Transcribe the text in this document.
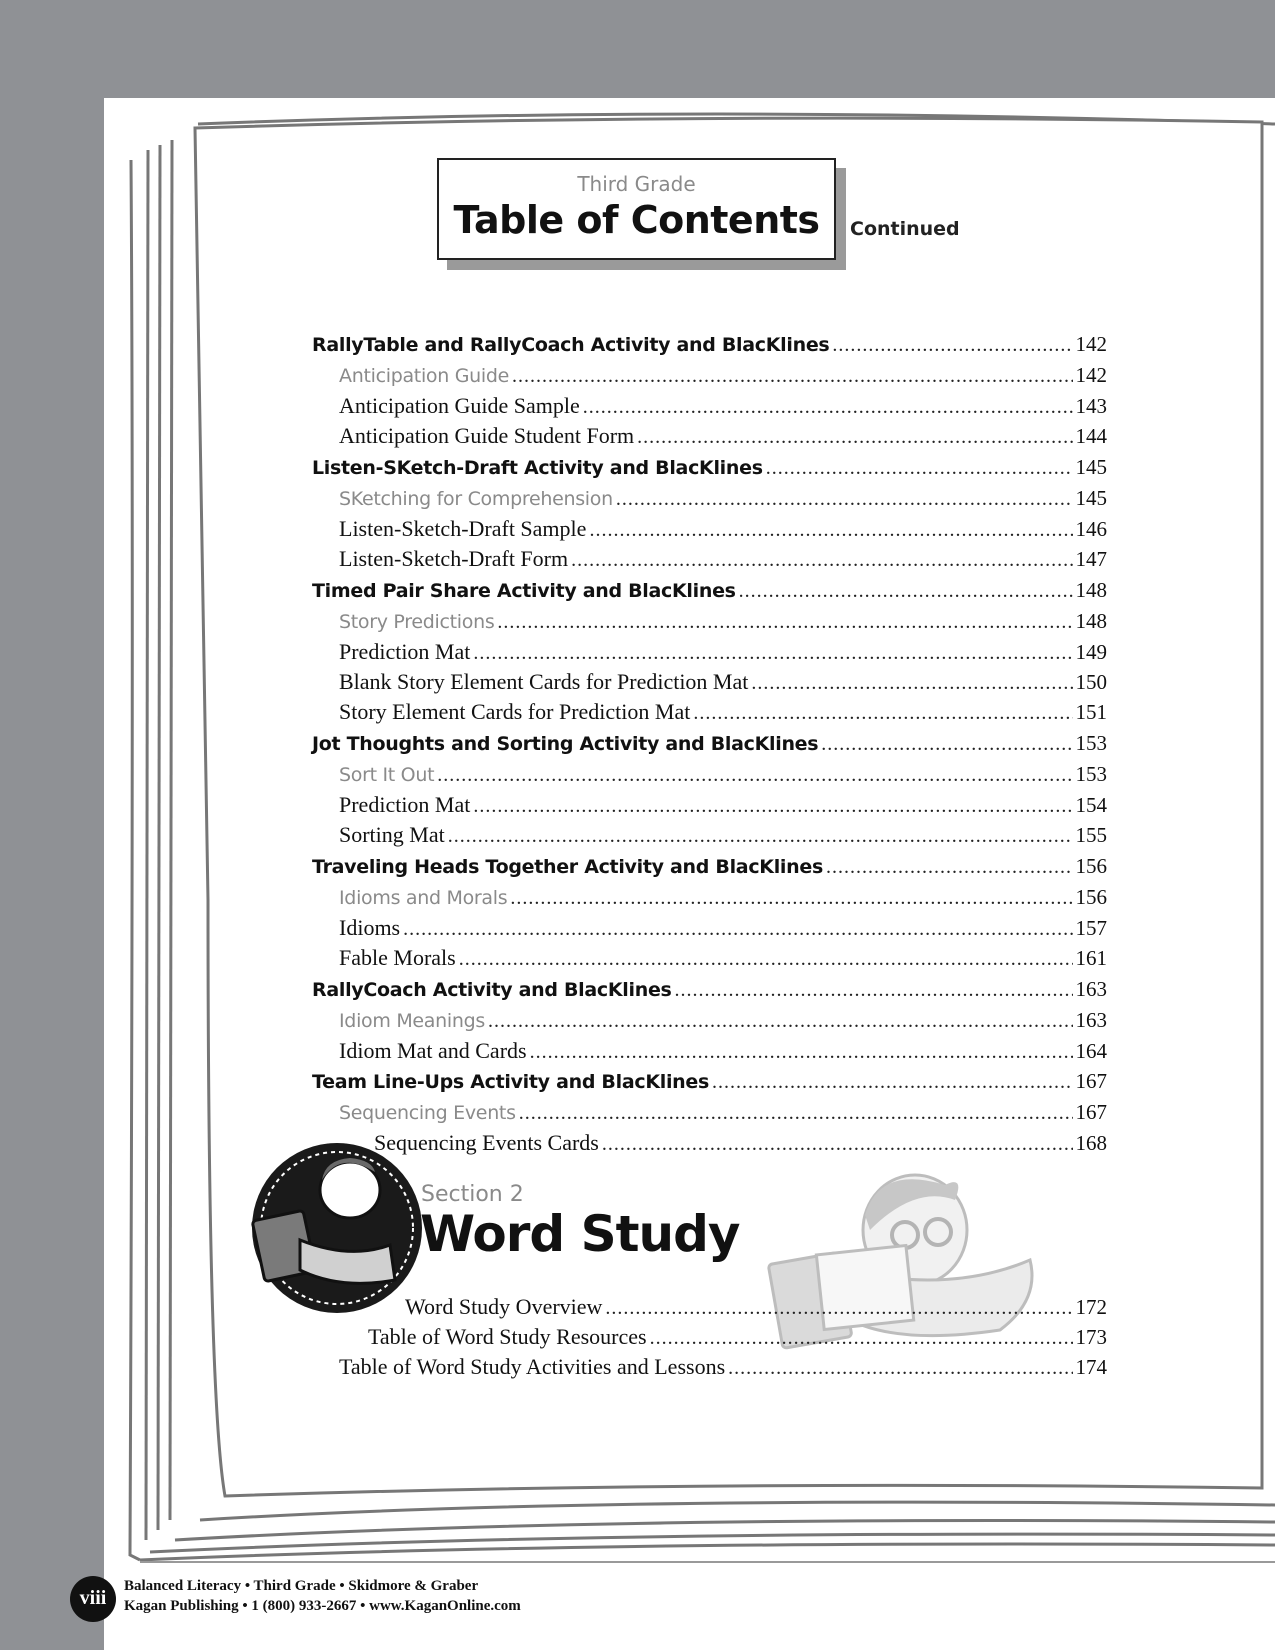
Third Grade
Table of Contents	Continued
RallyTable and RallyCoach Activity and BlacKlines .....	142
Anticipation Guide .....	142
Anticipation Guide Sample .....	143
Anticipation Guide Student Form .....	144
Listen-SKetch-Draft Activity and BlacKlines .....	145
SKetching for Comprehension .....	145
Listen-Sketch-Draft Sample .....	146
Listen-Sketch-Draft Form .....	147
Timed Pair Share Activity and BlacKlines .....	148
Story Predictions .....	148
Prediction Mat .....	149
Blank Story Element Cards for Prediction Mat .....	150
Story Element Cards for Prediction Mat .....	151
Jot Thoughts and Sorting Activity and BlacKlines .....	153
Sort It Out .....	153
Prediction Mat .....	154
Sorting Mat .....	155
Traveling Heads Together Activity and BlacKlines .....	156
Idioms and Morals .....	156
Idioms .....	157
Fable Morals .....	161
RallyCoach Activity and BlacKlines .....	163
Idiom Meanings .....	163
Idiom Mat and Cards .....	164
Team Line-Ups Activity and BlacKlines .....	167
Sequencing Events .....	167
Sequencing Events Cards .....	168
Section 2
Word Study
Word Study Overview .....	172
Table of Word Study Resources .....	173
Table of Word Study Activities and Lessons .....	174
viii
Balanced Literacy • Third Grade • Skidmore & Graber
Kagan Publishing • 1 (800) 933-2667 • www.KaganOnline.com
